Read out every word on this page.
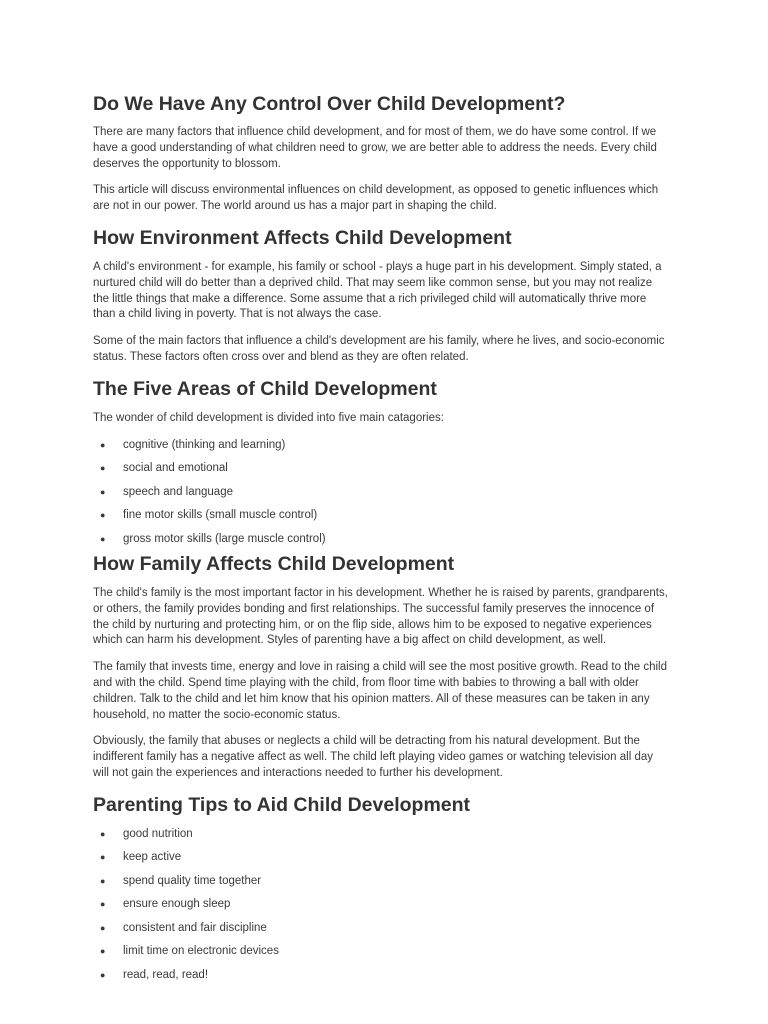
Do We Have Any Control Over Child Development?

There are many factors that influence child development, and for most of them, we do have some control. If we have a good understanding of what children need to grow, we are better able to address the needs. Every child deserves the opportunity to blossom.

This article will discuss environmental influences on child development, as opposed to genetic influences which are not in our power. The world around us has a major part in shaping the child.

How Environment Affects Child Development

A child's environment - for example, his family or school - plays a huge part in his development. Simply stated, a nurtured child will do better than a deprived child. That may seem like common sense, but you may not realize the little things that make a difference. Some assume that a rich privileged child will automatically thrive more than a child living in poverty. That is not always the case.

Some of the main factors that influence a child's development are his family, where he lives, and socio-economic status. These factors often cross over and blend as they are often related.

The Five Areas of Child Development

The wonder of child development is divided into five main catagories:

● cognitive (thinking and learning)
● social and emotional
● speech and language
● fine motor skills (small muscle control)
● gross motor skills (large muscle control)
How Family Affects Child Development

The child's family is the most important factor in his development. Whether he is raised by parents, grandparents, or others, the family provides bonding and first relationships. The successful family preserves the innocence of the child by nurturing and protecting him, or on the flip side, allows him to be exposed to negative experiences which can harm his development. Styles of parenting have a big affect on child development, as well.

The family that invests time, energy and love in raising a child will see the most positive growth. Read to the child and with the child. Spend time playing with the child, from floor time with babies to throwing a ball with older children. Talk to the child and let him know that his opinion matters. All of these measures can be taken in any household, no matter the socio-economic status.

Obviously, the family that abuses or neglects a child will be detracting from his natural development. But the indifferent family has a negative affect as well. The child left playing video games or watching television all day will not gain the experiences and interactions needed to further his development.

Parenting Tips to Aid Child Development
● good nutrition
● keep active
● spend quality time together
● ensure enough sleep
● consistent and fair discipline
● limit time on electronic devices
● read, read, read!
